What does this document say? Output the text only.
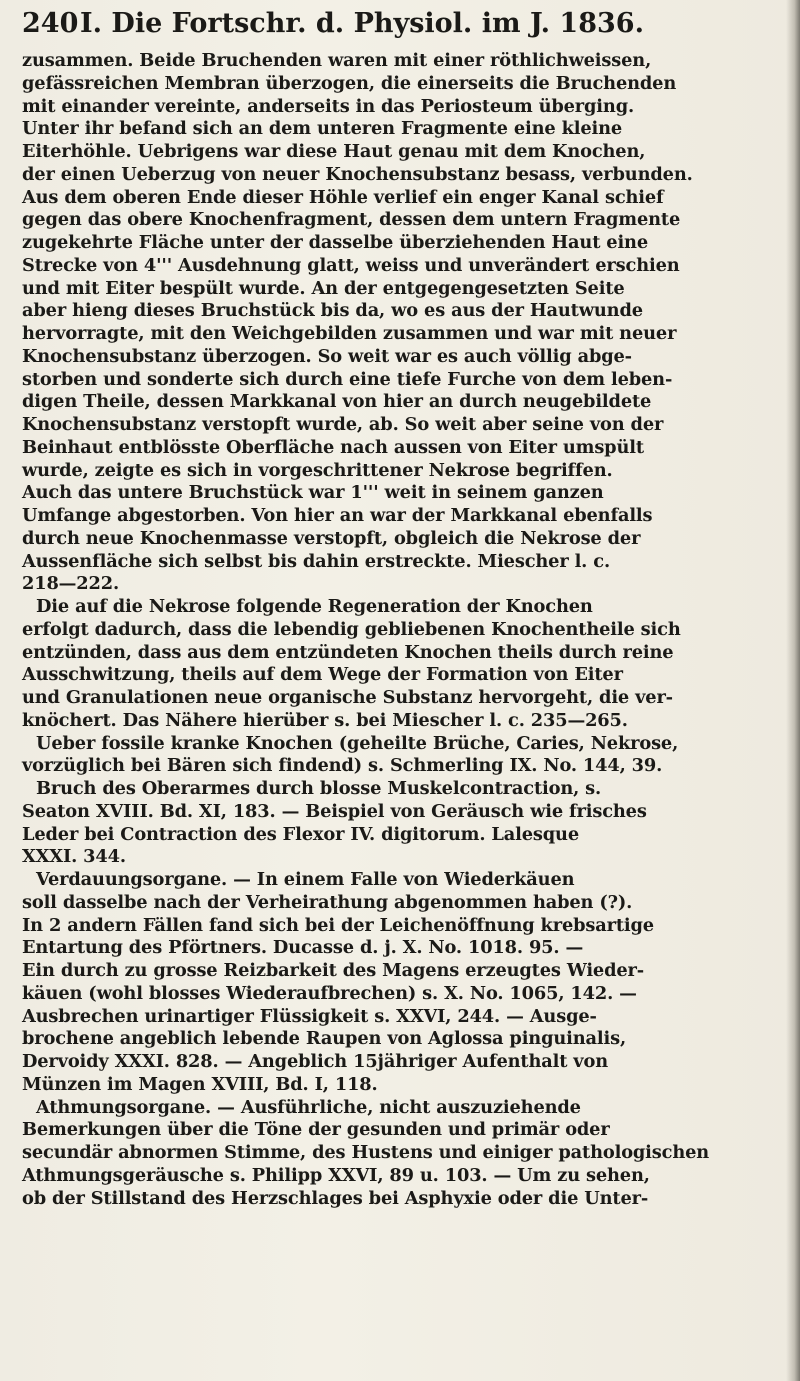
240 I. Die Fortschr. d. Physiol. im J. 1836.
zusammen. Beide Bruchenden waren mit einer röthlichweissen,
gefässreichen Membran überzogen, die einerseits die Bruchenden
mit einander vereinte, anderseits in das Periosteum überging.
Unter ihr befand sich an dem unteren Fragmente eine kleine
Eiterhöhle. Uebrigens war diese Haut genau mit dem Knochen,
der einen Ueberzug von neuer Knochensubstanz besass, verbunden.
Aus dem oberen Ende dieser Höhle verlief ein enger Kanal schief
gegen das obere Knochenfragment, dessen dem untern Fragmente
zugekehrte Fläche unter der dasselbe überziehenden Haut eine
Strecke von 4''' Ausdehnung glatt, weiss und unverändert erschien
und mit Eiter bespült wurde. An der entgegengesetzten Seite
aber hieng dieses Bruchstück bis da, wo es aus der Hautwunde
hervorragte, mit den Weichgebilden zusammen und war mit neuer
Knochensubstanz überzogen. So weit war es auch völlig abge-
storben und sonderte sich durch eine tiefe Furche von dem leben-
digen Theile, dessen Markkanal von hier an durch neugebildete
Knochensubstanz verstopft wurde, ab. So weit aber seine von der
Beinhaut entblösste Oberfläche nach aussen von Eiter umspült
wurde, zeigte es sich in vorgeschrittener Nekrose begriffen.
Auch das untere Bruchstück war 1''' weit in seinem ganzen
Umfange abgestorben. Von hier an war der Markkanal ebenfalls
durch neue Knochenmasse verstopft, obgleich die Nekrose der
Aussenfläche sich selbst bis dahin erstreckte. Miescher l. c.
218—222.
Die auf die Nekrose folgende Regeneration der Knochen
erfolgt dadurch, dass die lebendig gebliebenen Knochentheile sich
entzünden, dass aus dem entzündeten Knochen theils durch reine
Ausschwitzung, theils auf dem Wege der Formation von Eiter
und Granulationen neue organische Substanz hervorgeht, die ver-
knöchert. Das Nähere hierüber s. bei Miescher l. c. 235—265.
Ueber fossile kranke Knochen (geheilte Brüche, Caries, Nekrose,
vorzüglich bei Bären sich findend) s. Schmerling IX. No. 144, 39.
Bruch des Oberarmes durch blosse Muskelcontraction, s.
Seaton XVIII. Bd. XI, 183. — Beispiel von Geräusch wie frisches
Leder bei Contraction des Flexor IV. digitorum. Lalesque
XXXI. 344.
Verdauungsorgane. — In einem Falle von Wiederkäuen
soll dasselbe nach der Verheirathung abgenommen haben (?).
In 2 andern Fällen fand sich bei der Leichenöffnung krebsartige
Entartung des Pförtners. Ducasse d. j. X. No. 1018. 95. —
Ein durch zu grosse Reizbarkeit des Magens erzeugtes Wieder-
käuen (wohl blosses Wiederaufbrechen) s. X. No. 1065, 142. —
Ausbrechen urinartiger Flüssigkeit s. XXVI, 244. — Ausge-
brochene angeblich lebende Raupen von Aglossa pinguinalis,
Dervoidy XXXI. 828. — Angeblich 15jähriger Aufenthalt von
Münzen im Magen XVIII, Bd. I, 118.
Athmungsorgane. — Ausführliche, nicht auszuziehende
Bemerkungen über die Töne der gesunden und primär oder
secundär abnormen Stimme, des Hustens und einiger pathologischen
Athmungsgeräusche s. Philipp XXVI, 89 u. 103. — Um zu sehen,
ob der Stillstand des Herzschlages bei Asphyxie oder die Unter-
